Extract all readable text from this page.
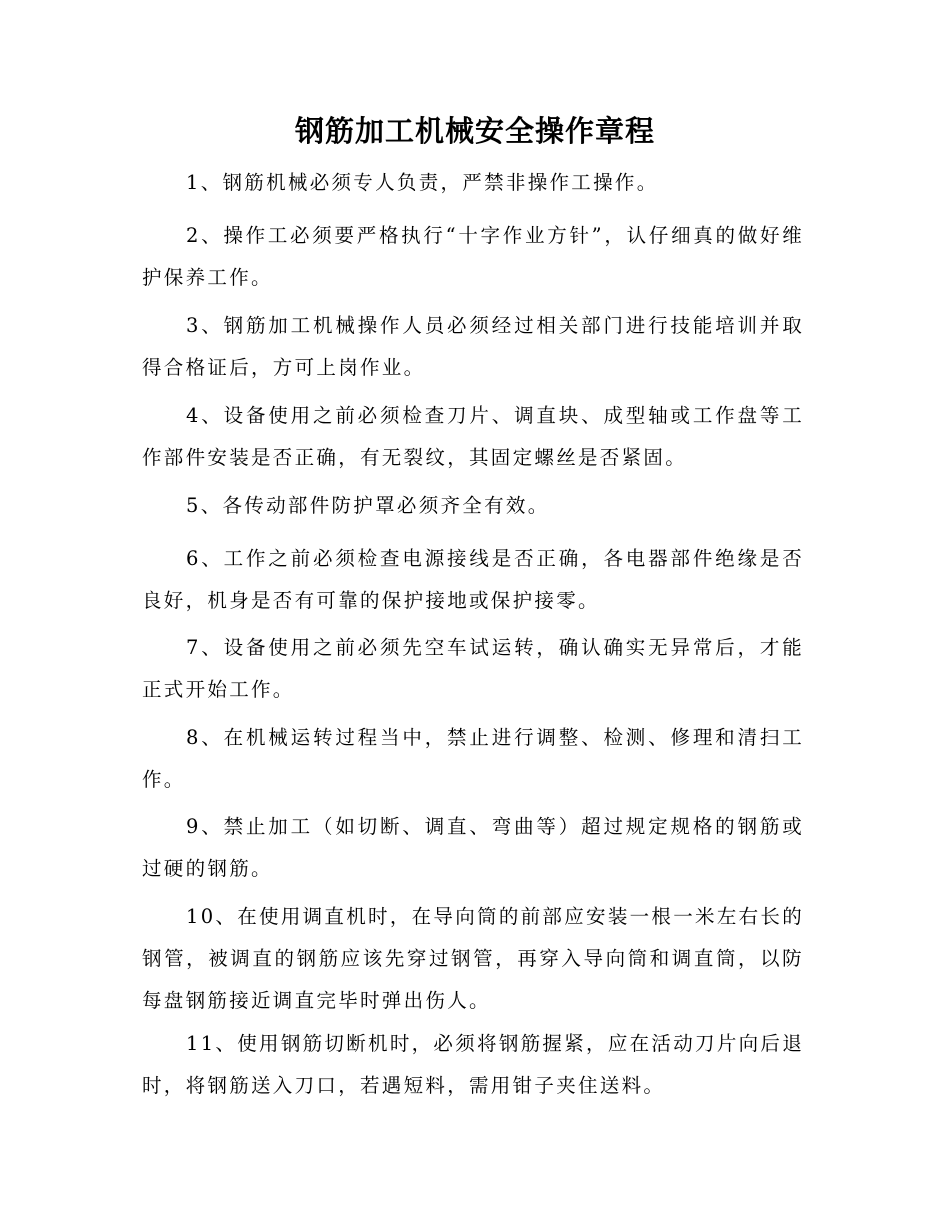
钢筋加工机械安全操作章程

1、钢筋机械必须专人负责，严禁非操作工操作。

2、操作工必须要严格执行“十字作业方针”，认仔细真的做好维护保养工作。

3、钢筋加工机械操作人员必须经过相关部门进行技能培训并取得合格证后，方可上岗作业。

4、设备使用之前必须检查刀片、调直块、成型轴或工作盘等工作部件安装是否正确，有无裂纹，其固定螺丝是否紧固。

5、各传动部件防护罩必须齐全有效。

6、工作之前必须检查电源接线是否正确，各电器部件绝缘是否良好，机身是否有可靠的保护接地或保护接零。

7、设备使用之前必须先空车试运转，确认确实无异常后，才能正式开始工作。

8、在机械运转过程当中，禁止进行调整、检测、修理和清扫工作。

9、禁止加工（如切断、调直、弯曲等）超过规定规格的钢筋或过硬的钢筋。

10、在使用调直机时，在导向筒的前部应安装一根一米左右长的钢管，被调直的钢筋应该先穿过钢管，再穿入导向筒和调直筒，以防每盘钢筋接近调直完毕时弹出伤人。

11、使用钢筋切断机时，必须将钢筋握紧，应在活动刀片向后退时，将钢筋送入刀口，若遇短料，需用钳子夹住送料。
